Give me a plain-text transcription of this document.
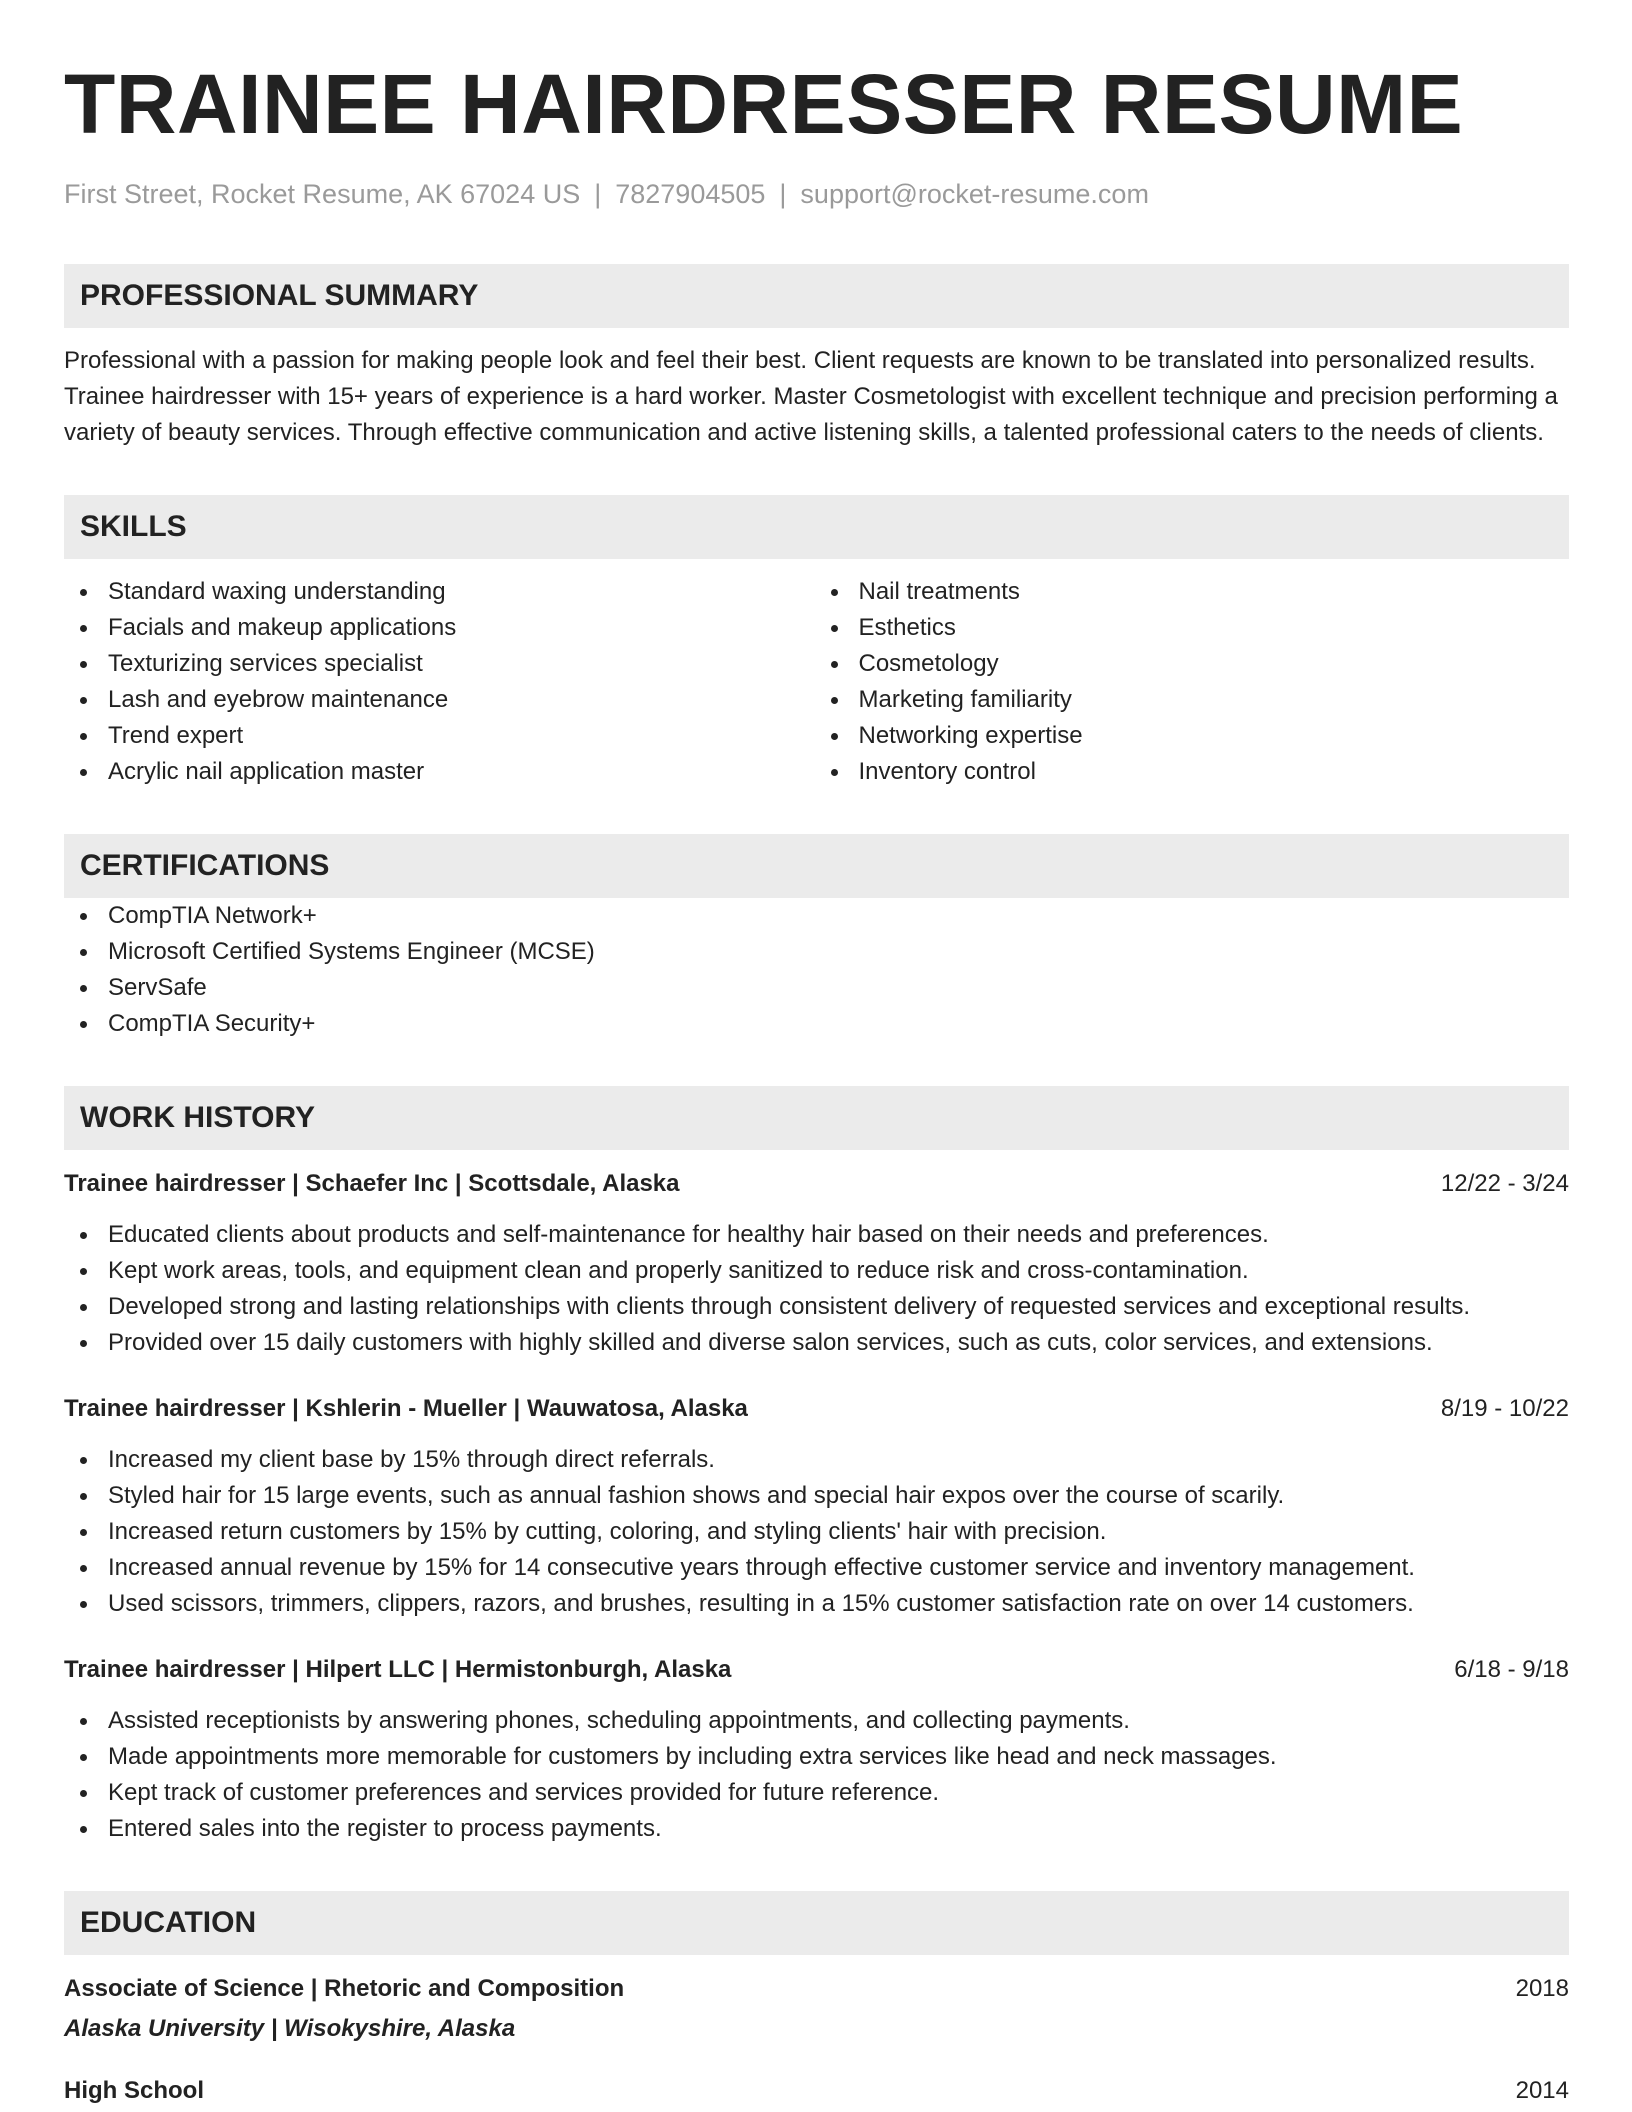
TRAINEE HAIRDRESSER RESUME
First Street, Rocket Resume, AK 67024 US | 7827904505 | support@rocket-resume.com
PROFESSIONAL SUMMARY
Professional with a passion for making people look and feel their best. Client requests are known to be translated into personalized results. Trainee hairdresser with 15+ years of experience is a hard worker. Master Cosmetologist with excellent technique and precision performing a variety of beauty services. Through effective communication and active listening skills, a talented professional caters to the needs of clients.
SKILLS
Standard waxing understanding
Facials and makeup applications
Texturizing services specialist
Lash and eyebrow maintenance
Trend expert
Acrylic nail application master
Nail treatments
Esthetics
Cosmetology
Marketing familiarity
Networking expertise
Inventory control
CERTIFICATIONS
CompTIA Network+
Microsoft Certified Systems Engineer (MCSE)
ServSafe
CompTIA Security+
WORK HISTORY
Trainee hairdresser | Schaefer Inc | Scottsdale, Alaska	12/22 - 3/24
Educated clients about products and self-maintenance for healthy hair based on their needs and preferences.
Kept work areas, tools, and equipment clean and properly sanitized to reduce risk and cross-contamination.
Developed strong and lasting relationships with clients through consistent delivery of requested services and exceptional results.
Provided over 15 daily customers with highly skilled and diverse salon services, such as cuts, color services, and extensions.
Trainee hairdresser | Kshlerin - Mueller | Wauwatosa, Alaska	8/19 - 10/22
Increased my client base by 15% through direct referrals.
Styled hair for 15 large events, such as annual fashion shows and special hair expos over the course of scarily.
Increased return customers by 15% by cutting, coloring, and styling clients' hair with precision.
Increased annual revenue by 15% for 14 consecutive years through effective customer service and inventory management.
Used scissors, trimmers, clippers, razors, and brushes, resulting in a 15% customer satisfaction rate on over 14 customers.
Trainee hairdresser | Hilpert LLC | Hermistonburgh, Alaska	6/18 - 9/18
Assisted receptionists by answering phones, scheduling appointments, and collecting payments.
Made appointments more memorable for customers by including extra services like head and neck massages.
Kept track of customer preferences and services provided for future reference.
Entered sales into the register to process payments.
EDUCATION
Associate of Science | Rhetoric and Composition	2018
Alaska University | Wisokyshire, Alaska
High School	2014
